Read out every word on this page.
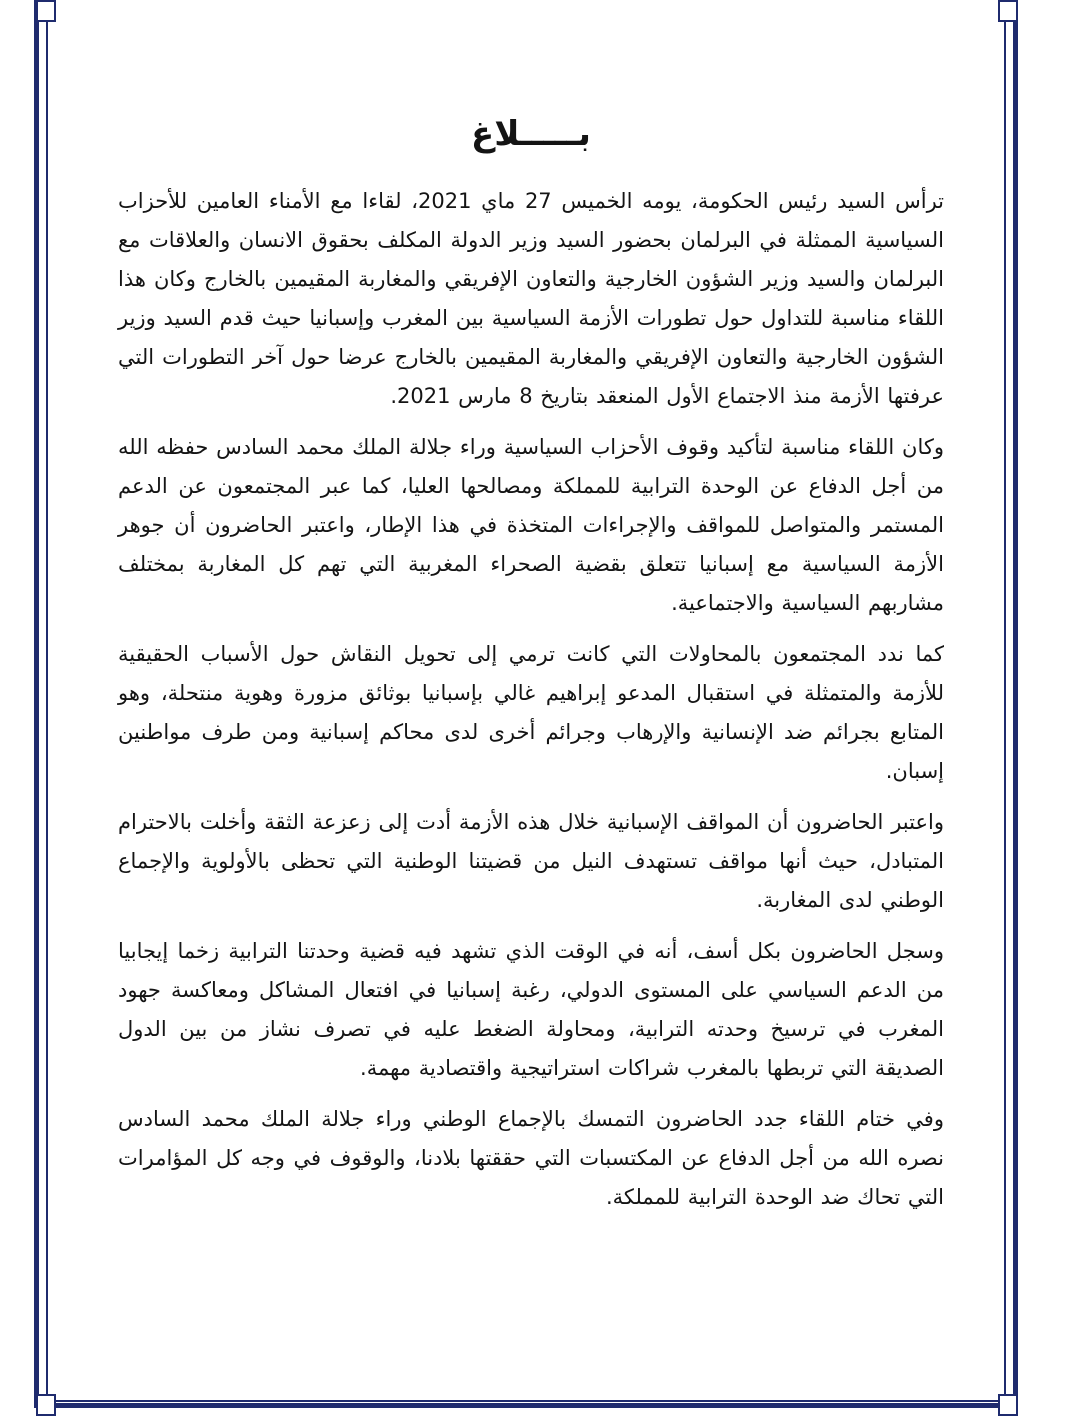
بـــــلاغ

ترأس السيد رئيس الحكومة، يومه الخميس 27 ماي 2021، لقاءا مع الأمناء العامين للأحزاب السياسية الممثلة في البرلمان بحضور السيد وزير الدولة المكلف بحقوق الانسان والعلاقات مع البرلمان والسيد وزير الشؤون الخارجية والتعاون الإفريقي والمغاربة المقيمين بالخارج وكان هذا اللقاء مناسبة للتداول حول تطورات الأزمة السياسية بين المغرب وإسبانيا حيث قدم السيد وزير الشؤون الخارجية والتعاون الإفريقي والمغاربة المقيمين بالخارج عرضا حول آخر التطورات التي عرفتها الأزمة منذ الاجتماع الأول المنعقد بتاريخ 8 مارس 2021.

وكان اللقاء مناسبة لتأكيد وقوف الأحزاب السياسية وراء جلالة الملك محمد السادس حفظه الله من أجل الدفاع عن الوحدة الترابية للمملكة ومصالحها العليا، كما عبر المجتمعون عن الدعم المستمر والمتواصل للمواقف والإجراءات المتخذة في هذا الإطار، واعتبر الحاضرون أن جوهر الأزمة السياسية مع إسبانيا تتعلق بقضية الصحراء المغربية التي تهم كل المغاربة بمختلف مشاربهم السياسية والاجتماعية.

كما ندد المجتمعون بالمحاولات التي كانت ترمي إلى تحويل النقاش حول الأسباب الحقيقية للأزمة والمتمثلة في استقبال المدعو إبراهيم غالي بإسبانيا بوثائق مزورة وهوية منتحلة، وهو المتابع بجرائم ضد الإنسانية والإرهاب وجرائم أخرى لدى محاكم إسبانية ومن طرف مواطنين إسبان.

واعتبر الحاضرون أن المواقف الإسبانية خلال هذه الأزمة أدت إلى زعزعة الثقة وأخلت بالاحترام المتبادل، حيث أنها مواقف تستهدف النيل من قضيتنا الوطنية التي تحظى بالأولوية والإجماع الوطني لدى المغاربة.

وسجل الحاضرون بكل أسف، أنه في الوقت الذي تشهد فيه قضية وحدتنا الترابية زخما إيجابيا من الدعم السياسي على المستوى الدولي، رغبة إسبانيا في افتعال المشاكل ومعاكسة جهود المغرب في ترسيخ وحدته الترابية، ومحاولة الضغط عليه في تصرف نشاز من بين الدول الصديقة التي تربطها بالمغرب شراكات استراتيجية واقتصادية مهمة.

وفي ختام اللقاء جدد الحاضرون التمسك بالإجماع الوطني وراء جلالة الملك محمد السادس نصره الله من أجل الدفاع عن المكتسبات التي حققتها بلادنا، والوقوف في وجه كل المؤامرات التي تحاك ضد الوحدة الترابية للمملكة.
